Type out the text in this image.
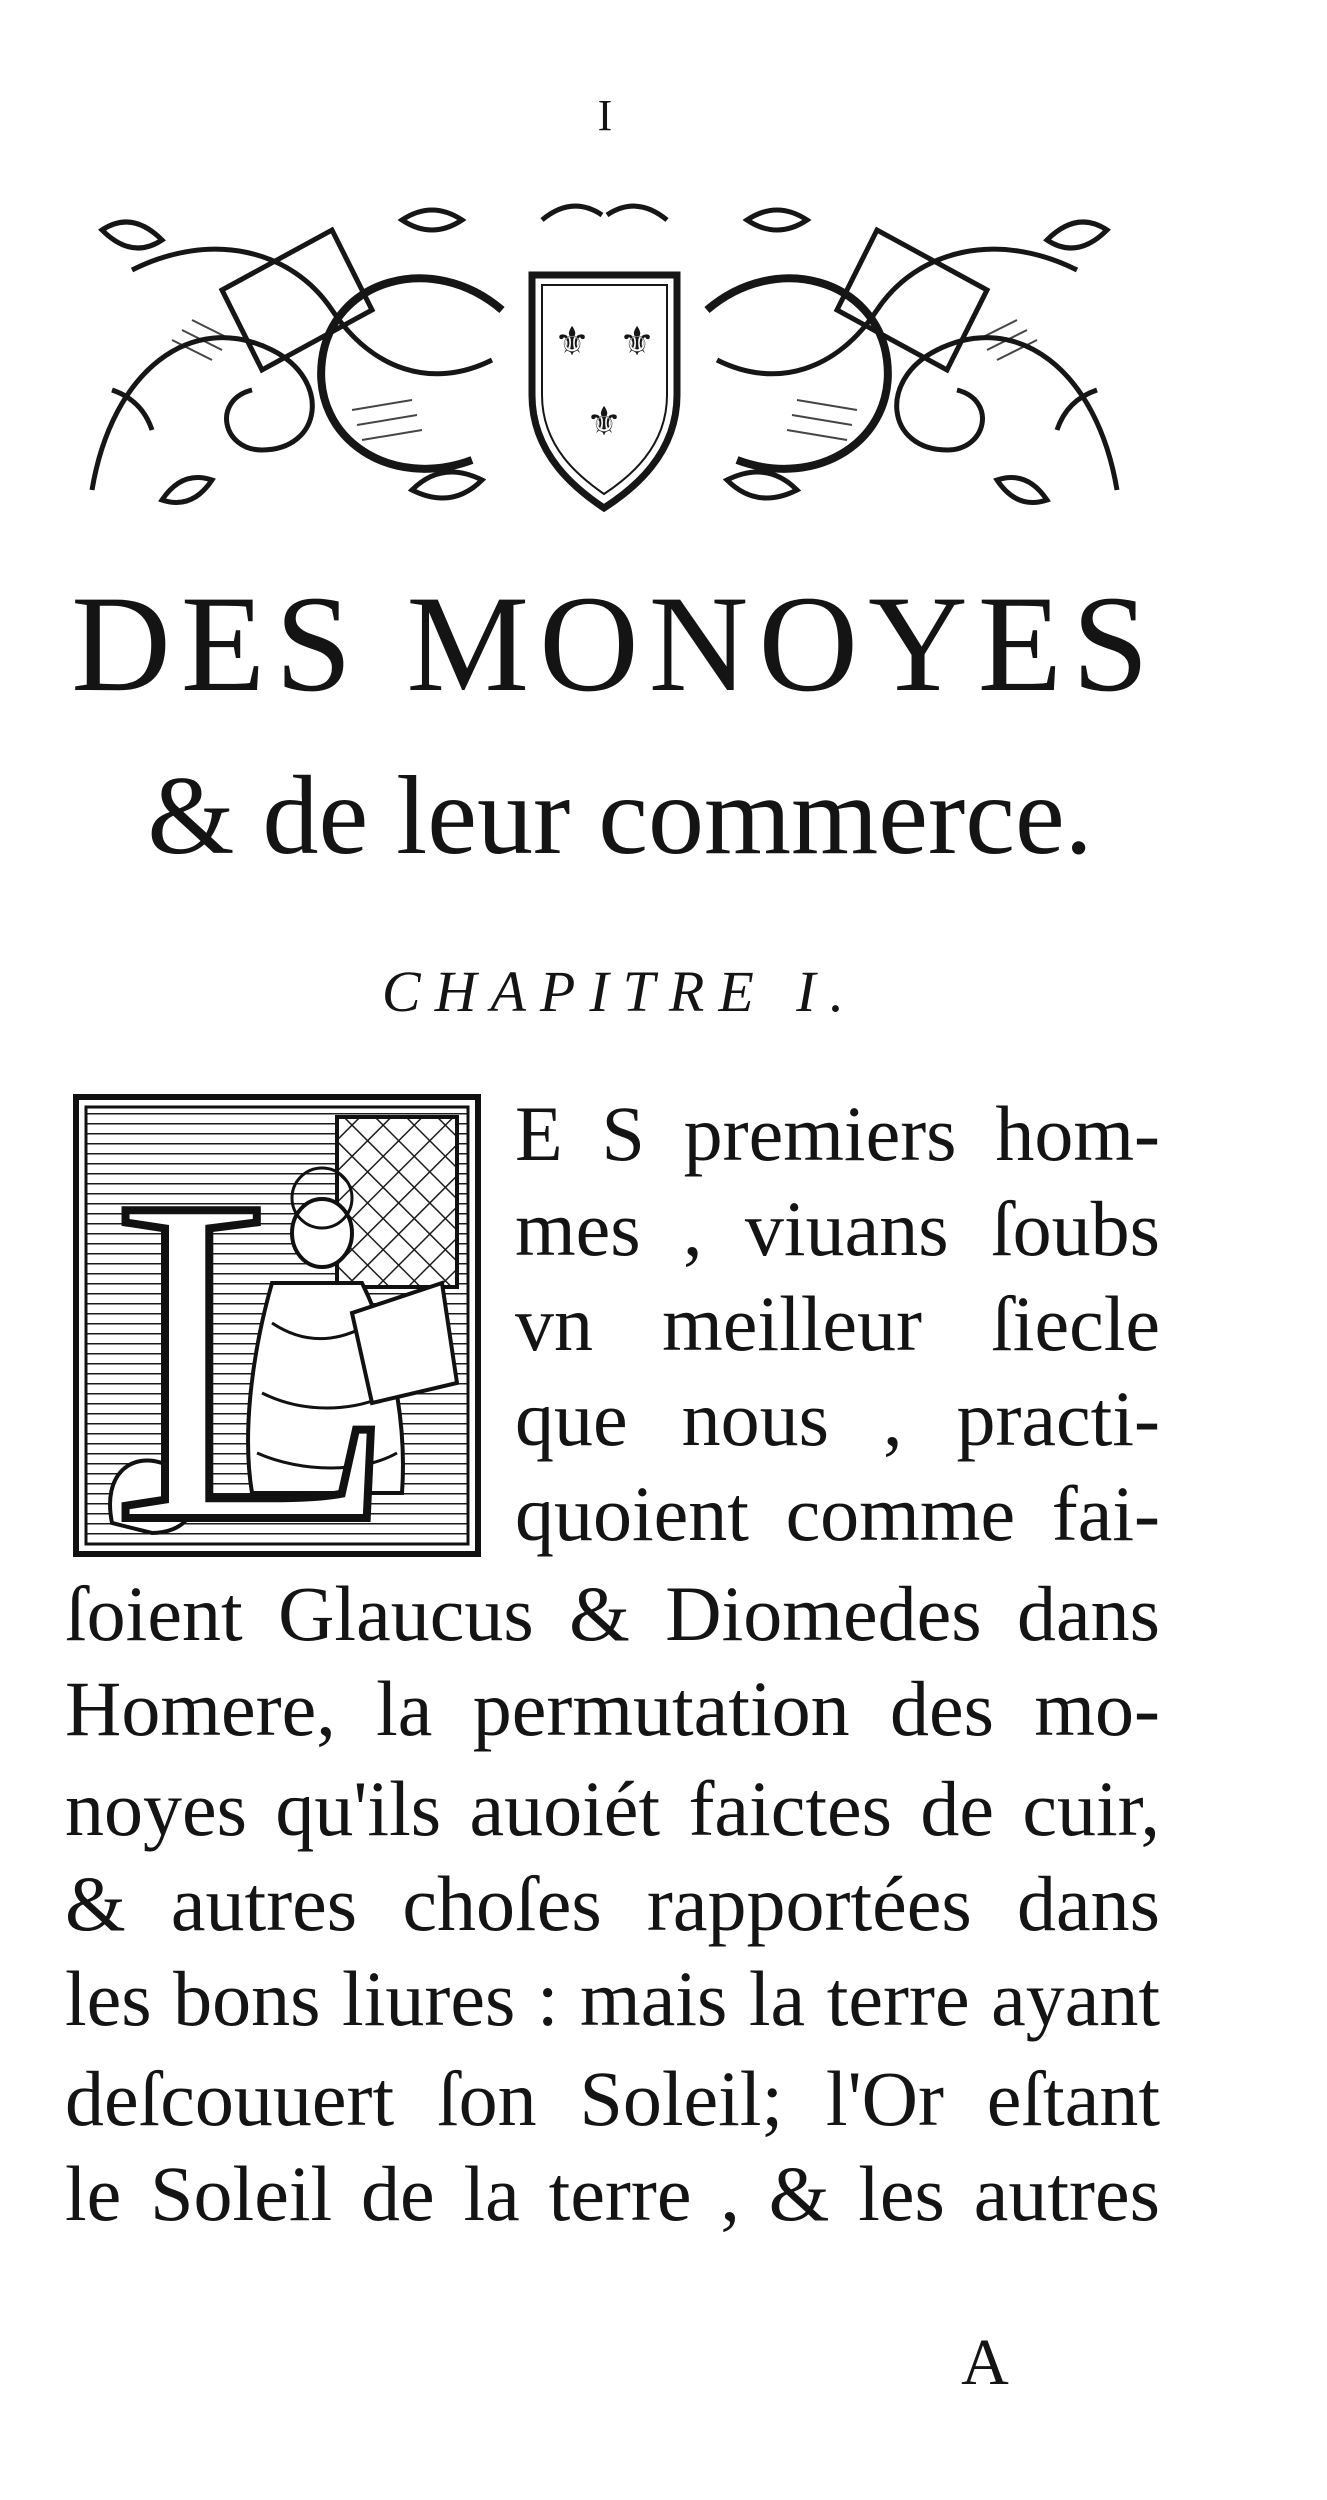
I
⚜ ⚜
⚜
DES MONOYES
& de leur commerce.
CHAPITRE I.
L E S premiers hom-
mes , viuans ſoubs
vn meilleur ſiecle
que nous , practi-
quoient comme fai-
ſoient Glaucus & Diomedes dans
Homere, la permutation des mo-
noyes qu'ils auoiét faictes de cuir,
& autres choſes rapportées dans
les bons liures : mais la terre ayant
deſcouuert ſon Soleil; l'Or eſtant
le Soleil de la terre , & les autres
A
